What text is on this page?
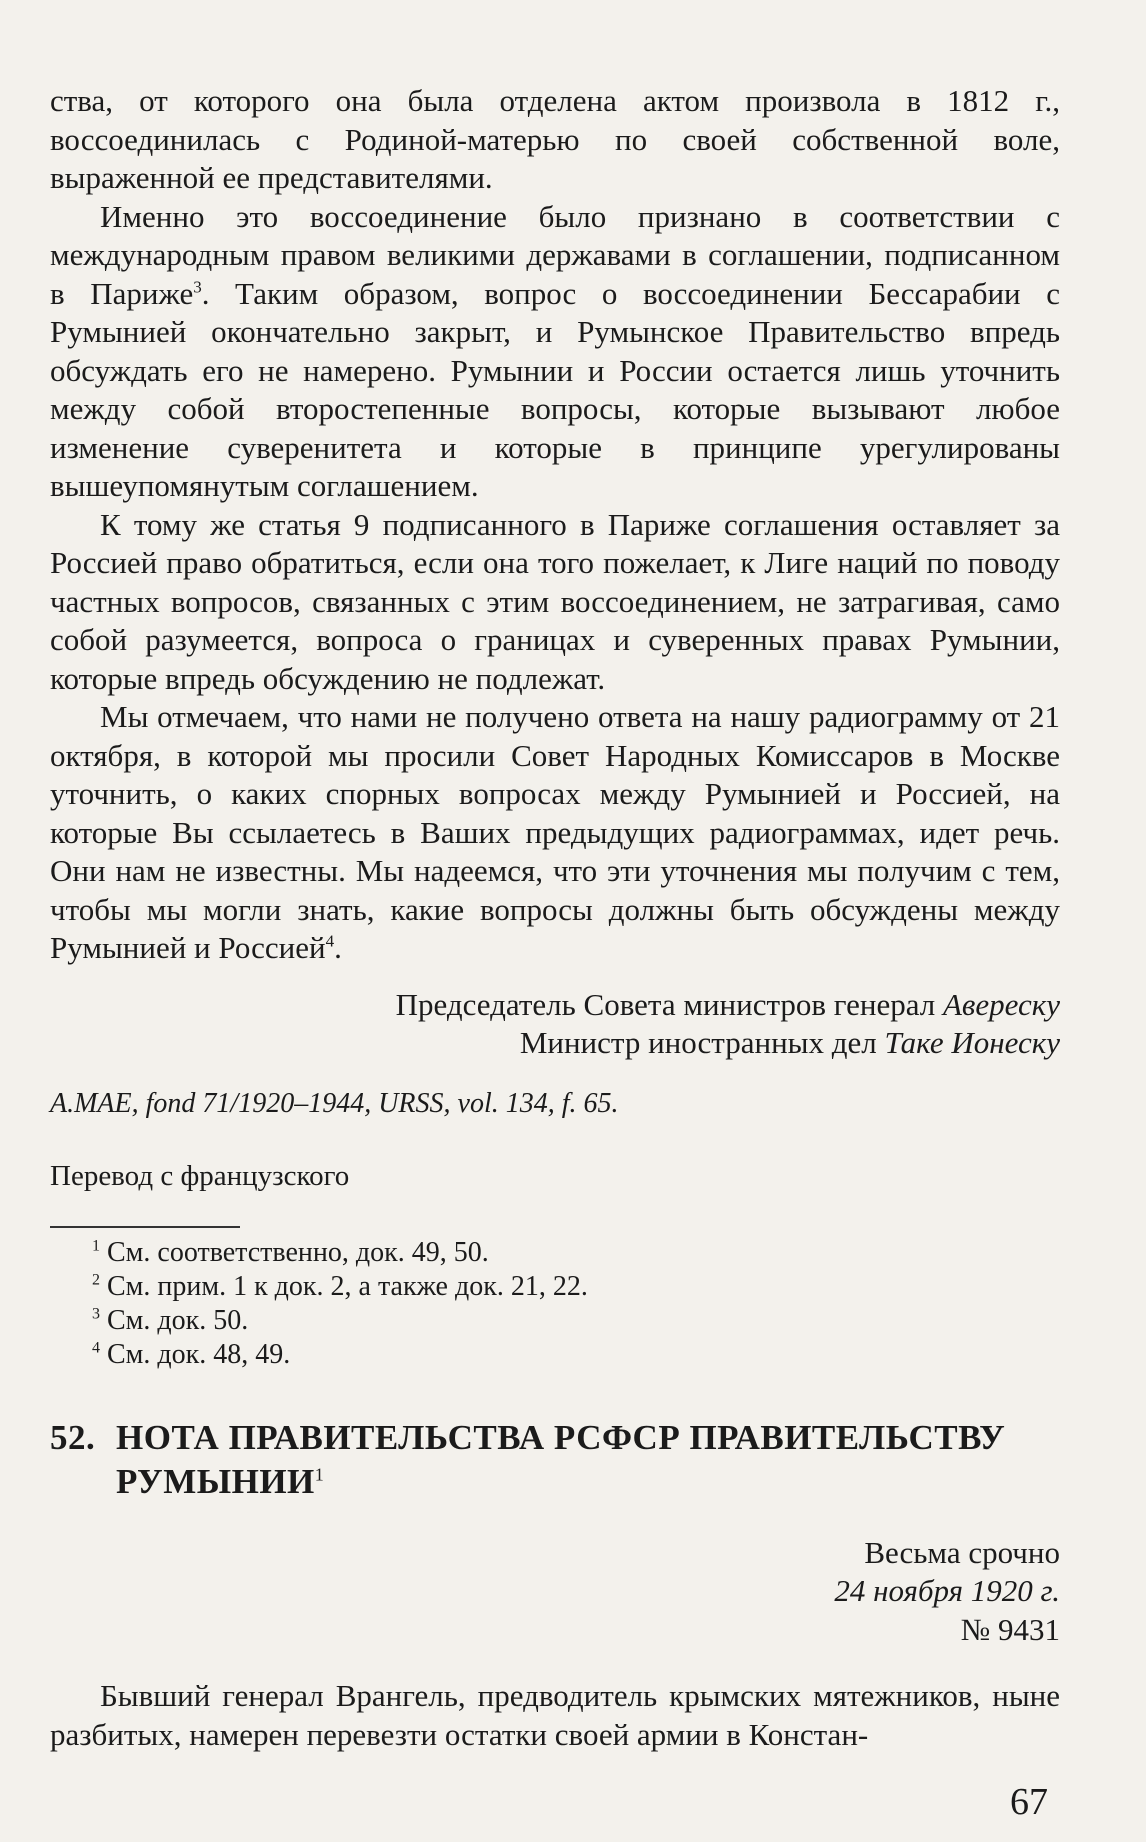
ства, от которого она была отделена актом произвола в 1812 г., воссоединилась с Родиной-матерью по своей собственной воле, выраженной ее представителями.

Именно это воссоединение было признано в соответствии с международным правом великими державами в соглашении, подписанном в Париже$^3$. Таким образом, вопрос о воссоединении Бессарабии с Румынией окончательно закрыт, и Румынское Правительство впредь обсуждать его не намерено. Румынии и России остается лишь уточнить между собой второстепенные вопросы, которые вызывают любое изменение суверенитета и которые в принципе урегулированы вышеупомянутым соглашением.

К тому же статья 9 подписанного в Париже соглашения оставляет за Россией право обратиться, если она того пожелает, к Лиге наций по поводу частных вопросов, связанных с этим воссоединением, не затрагивая, само собой разумеется, вопроса о границах и суверенных правах Румынии, которые впредь обсуждению не подлежат.

Мы отмечаем, что нами не получено ответа на нашу радиограмму от 21 октября, в которой мы просили Совет Народных Комиссаров в Москве уточнить, о каких спорных вопросах между Румынией и Россией, на которые Вы ссылаетесь в Ваших предыдущих радиограммах, идет речь. Они нам не известны. Мы надеемся, что эти уточнения мы получим с тем, чтобы мы могли знать, какие вопросы должны быть обсуждены между Румынией и Россией$^4$.

Председатель Совета министров генерал Авереску

Министр иностранных дел Таке Ионеску

A.MAE, fond 71/1920–1944, URSS, vol. 134, f. 65.

Перевод с французского

$^1$ См. соответственно, док. 49, 50.
$^2$ См. прим. 1 к док. 2, а также док. 21, 22.
$^3$ См. док. 50.
$^4$ См. док. 48, 49.
52. НОТА ПРАВИТЕЛЬСТВА РСФСР ПРАВИТЕЛЬСТВУ РУМЫНИИ$^1$

Весьма срочно

24 ноября 1920 г.

№ 9431

Бывший генерал Врангель, предводитель крымских мятежников, ныне разбитых, намерен перевезти остатки своей армии в Констан-

67
